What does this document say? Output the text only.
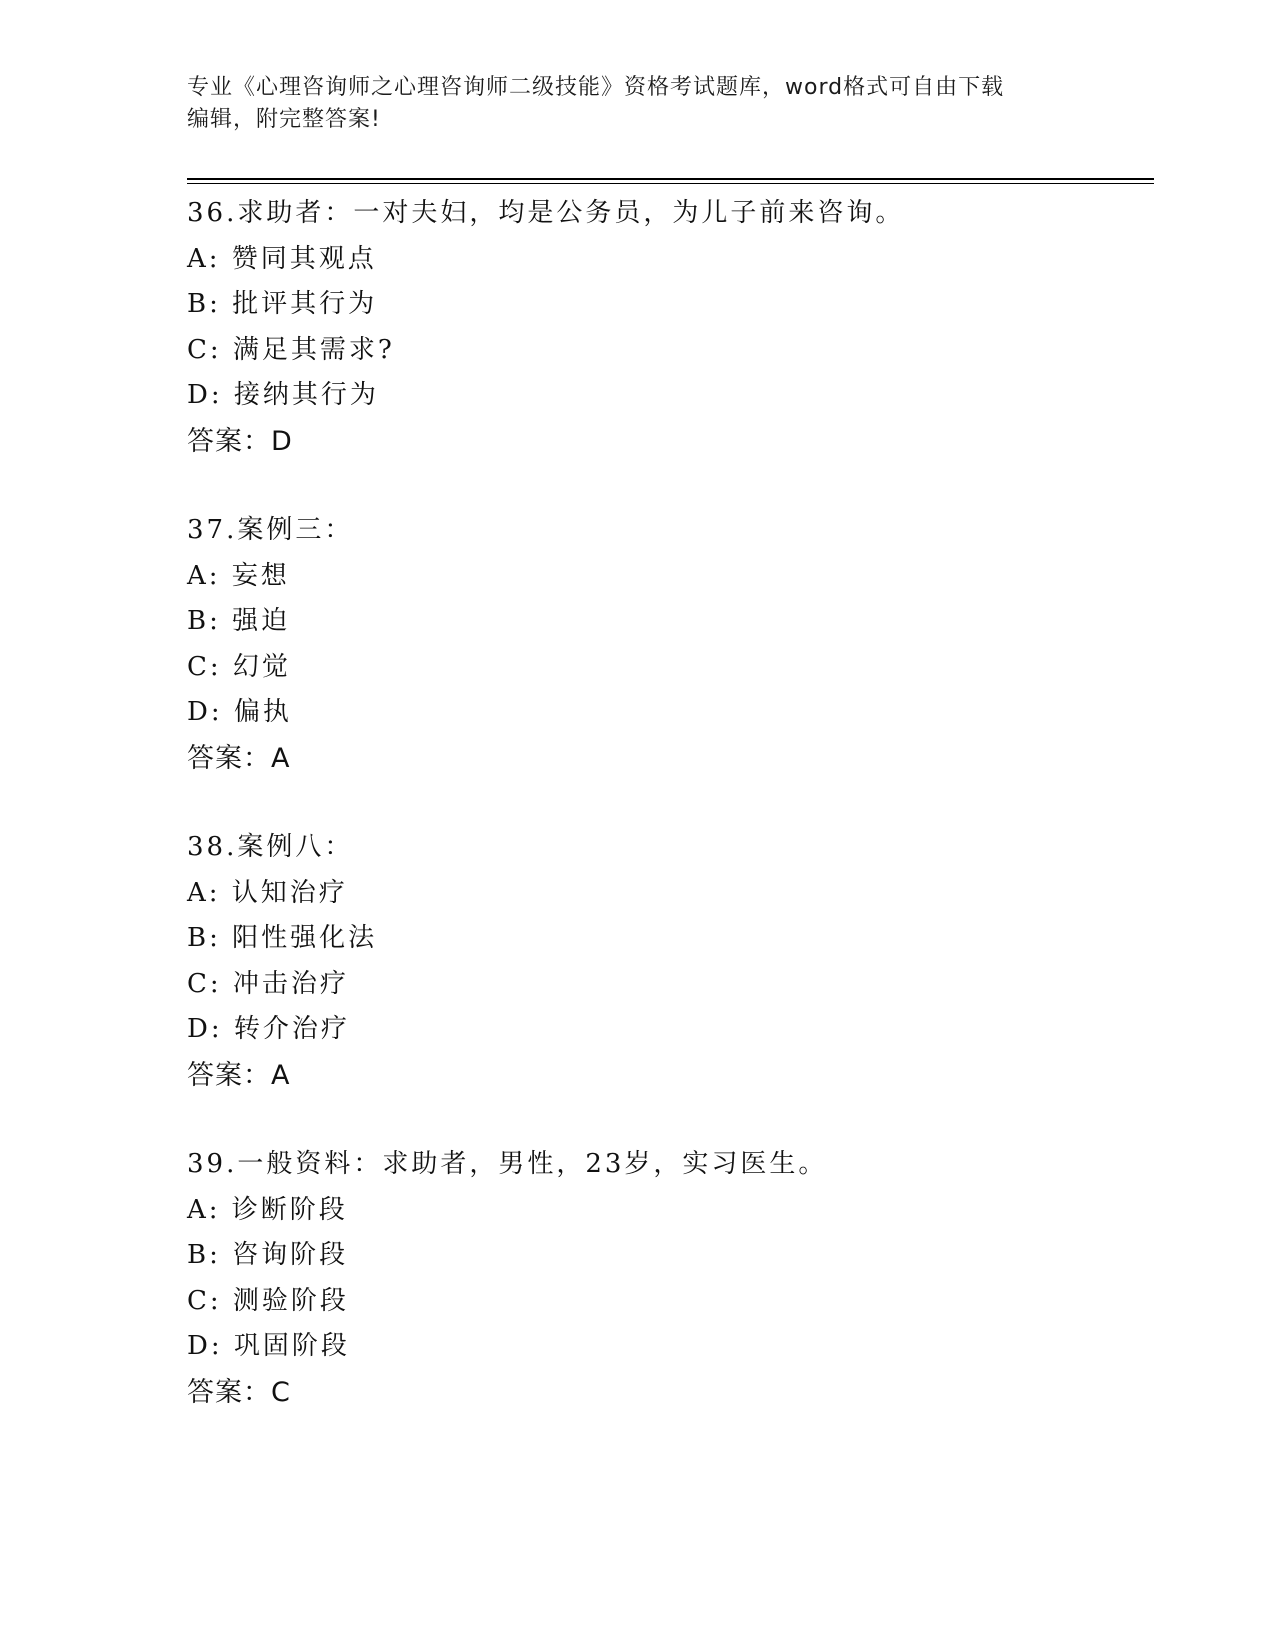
专业《心理咨询师之心理咨询师二级技能》资格考试题库，word格式可自由下载
编辑，附完整答案!
36.求助者：一对夫妇，均是公务员，为儿子前来咨询。
A: 赞同其观点
B: 批评其行为
C: 满足其需求?
D: 接纳其行为
答案：D
37.案例三：
A: 妄想
B: 强迫
C: 幻觉
D: 偏执
答案：A
38.案例八：
A: 认知治疗
B: 阳性强化法
C: 冲击治疗
D: 转介治疗
答案：A
39.一般资料：求助者，男性，23岁，实习医生。
A: 诊断阶段
B: 咨询阶段
C: 测验阶段
D: 巩固阶段
答案：C
